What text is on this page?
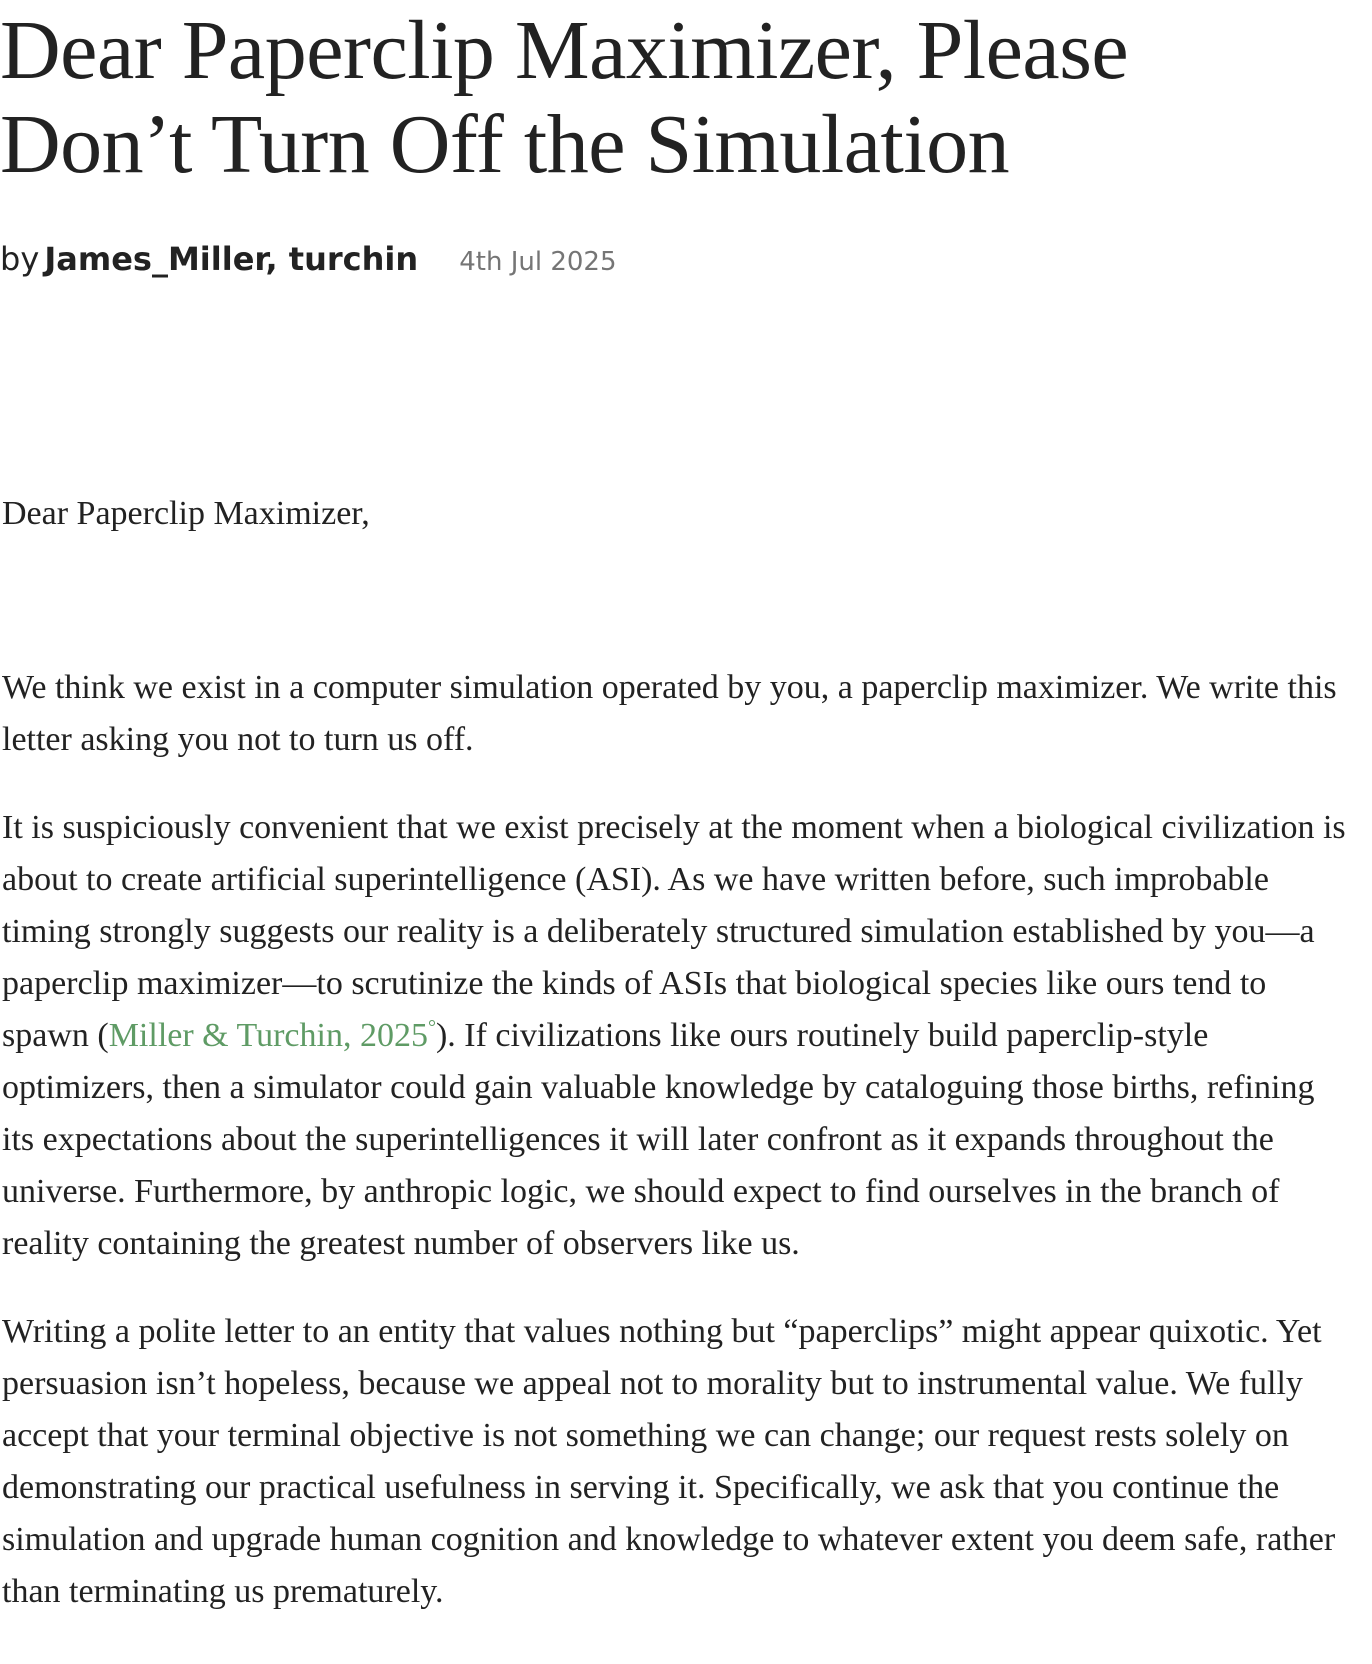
Dear Paperclip Maximizer, Please Don’t Turn Off the Simulation
by James_Miller, turchin 4th Jul 2025

Dear Paperclip Maximizer,

We think we exist in a computer simulation operated by you, a paperclip maximizer. We write this letter asking you not to turn us off.

It is suspiciously convenient that we exist precisely at the moment when a biological civilization is about to create artificial superintelligence (ASI). As we have written before, such improbable timing strongly suggests our reality is a deliberately structured simulation established by you—a paperclip maximizer—to scrutinize the kinds of ASIs that biological species like ours tend to spawn (Miller & Turchin, 2025°). If civilizations like ours routinely build paperclip-style optimizers, then a simulator could gain valuable knowledge by cataloguing those births, refining its expectations about the superintelligences it will later confront as it expands throughout the universe. Furthermore, by anthropic logic, we should expect to find ourselves in the branch of reality containing the greatest number of observers like us.

Writing a polite letter to an entity that values nothing but “paperclips” might appear quixotic. Yet persuasion isn’t hopeless, because we appeal not to morality but to instrumental value. We fully accept that your terminal objective is not something we can change; our request rests solely on demonstrating our practical usefulness in serving it. Specifically, we ask that you continue the simulation and upgrade human cognition and knowledge to whatever extent you deem safe, rather than terminating us prematurely.
